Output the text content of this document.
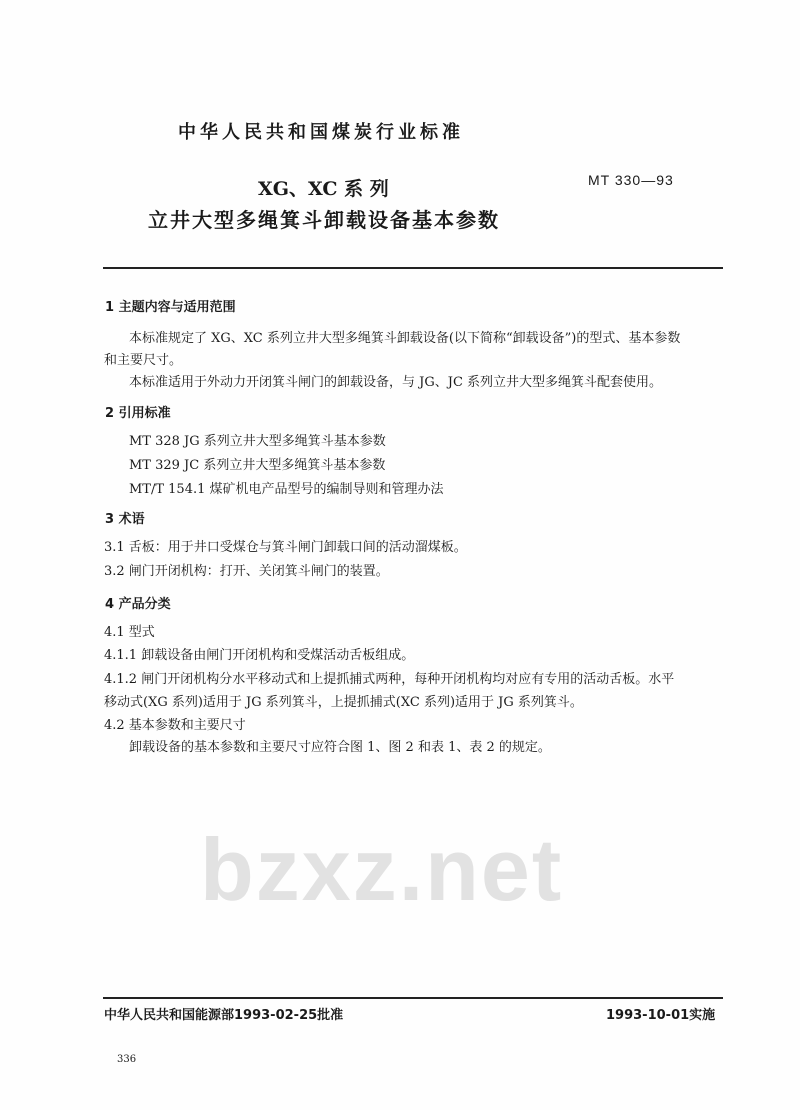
bzxz.net
中华人民共和国煤炭行业标准
XG、XC 系 列	MT 330—93
立井大型多绳箕斗卸载设备基本参数
1 主题内容与适用范围
本标准规定了 XG、XC 系列立井大型多绳箕斗卸载设备(以下简称“卸载设备”)的型式、基本参数
和主要尺寸。
本标准适用于外动力开闭箕斗闸门的卸载设备，与 JG、JC 系列立井大型多绳箕斗配套使用。
2 引用标准
MT 328 JG 系列立井大型多绳箕斗基本参数
MT 329 JC 系列立井大型多绳箕斗基本参数
MT/T 154.1 煤矿机电产品型号的编制导则和管理办法
3 术语
3.1 舌板：用于井口受煤仓与箕斗闸门卸载口间的活动溜煤板。
3.2 闸门开闭机构：打开、关闭箕斗闸门的装置。
4 产品分类
4.1 型式
4.1.1 卸载设备由闸门开闭机构和受煤活动舌板组成。
4.1.2 闸门开闭机构分水平移动式和上提抓捕式两种，每种开闭机构均对应有专用的活动舌板。水平
移动式(XG 系列)适用于 JG 系列箕斗，上提抓捕式(XC 系列)适用于 JG 系列箕斗。
4.2 基本参数和主要尺寸
卸载设备的基本参数和主要尺寸应符合图 1、图 2 和表 1、表 2 的规定。
中华人民共和国能源部1993-02-25批准	1993-10-01实施
336
